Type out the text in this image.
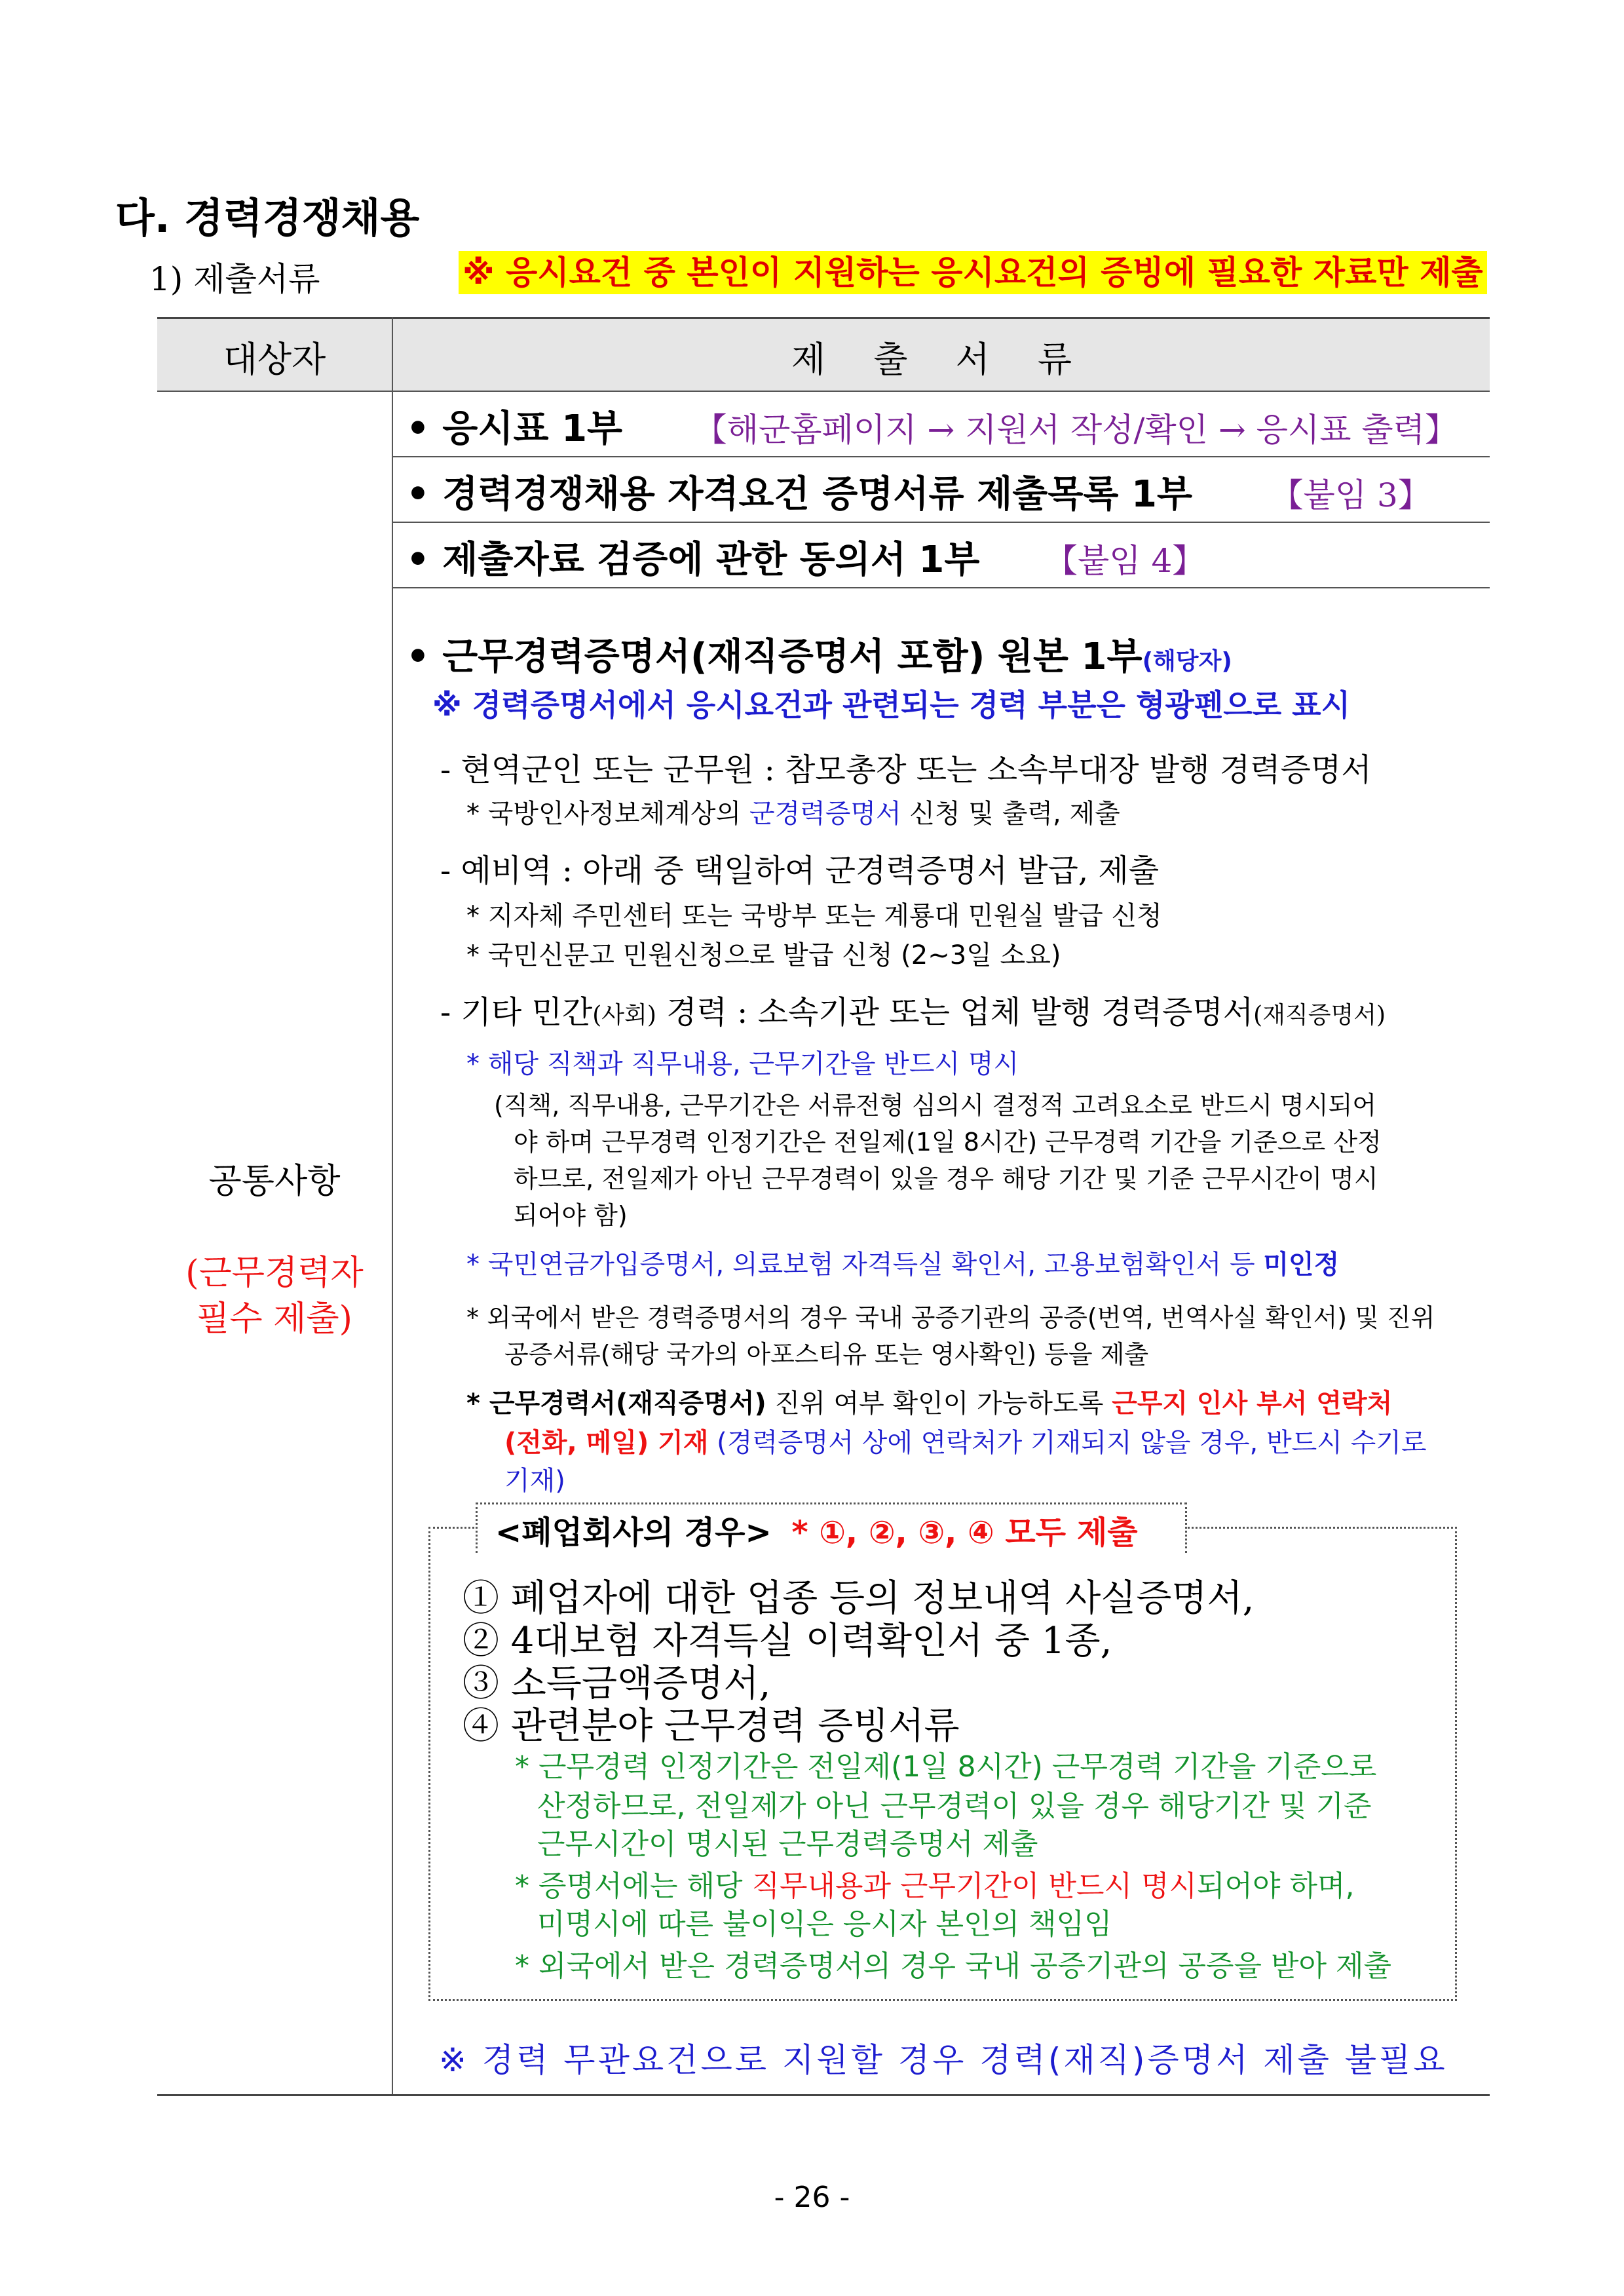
다. 경력경쟁채용
1) 제출서류	※ 응시요건 중 본인이 지원하는 응시요건의 증빙에 필요한 자료만 제출
대상자	제 출 서 류
• 응시표 1부 【해군홈페이지 → 지원서 작성/확인 → 응시표 출력】
• 경력경쟁채용 자격요건 증명서류 제출목록 1부 【붙임 3】
• 제출자료 검증에 관한 동의서 1부 【붙임 4】
공통사항
(근무경력자
필수 제출)
• 근무경력증명서(재직증명서 포함) 원본 1부(해당자)
※ 경력증명서에서 응시요건과 관련되는 경력 부분은 형광펜으로 표시
- 현역군인 또는 군무원 : 참모총장 또는 소속부대장 발행 경력증명서
* 국방인사정보체계상의 군경력증명서 신청 및 출력, 제출
- 예비역 : 아래 중 택일하여 군경력증명서 발급, 제출
* 지자체 주민센터 또는 국방부 또는 계룡대 민원실 발급 신청
* 국민신문고 민원신청으로 발급 신청 (2~3일 소요)
- 기타 민간(사회) 경력 : 소속기관 또는 업체 발행 경력증명서(재직증명서)
* 해당 직책과 직무내용, 근무기간을 반드시 명시
(직책, 직무내용, 근무기간은 서류전형 심의시 결정적 고려요소로 반드시 명시되어
야 하며 근무경력 인정기간은 전일제(1일 8시간) 근무경력 기간을 기준으로 산정
하므로, 전일제가 아닌 근무경력이 있을 경우 해당 기간 및 기준 근무시간이 명시
되어야 함)
* 국민연금가입증명서, 의료보험 자격득실 확인서, 고용보험확인서 등 미인정
* 외국에서 받은 경력증명서의 경우 국내 공증기관의 공증(번역, 번역사실 확인서) 및 진위
공증서류(해당 국가의 아포스티유 또는 영사확인) 등을 제출
* 근무경력서(재직증명서) 진위 여부 확인이 가능하도록 근무지 인사 부서 연락처
(전화, 메일) 기재 (경력증명서 상에 연락처가 기재되지 않을 경우, 반드시 수기로
기재)
<폐업회사의 경우> * ①, ②, ③, ④ 모두 제출
① 폐업자에 대한 업종 등의 정보내역 사실증명서,
② 4대보험 자격득실 이력확인서 중 1종,
③ 소득금액증명서,
④ 관련분야 근무경력 증빙서류
* 근무경력 인정기간은 전일제(1일 8시간) 근무경력 기간을 기준으로
산정하므로, 전일제가 아닌 근무경력이 있을 경우 해당기간 및 기준
근무시간이 명시된 근무경력증명서 제출
* 증명서에는 해당 직무내용과 근무기간이 반드시 명시되어야 하며,
미명시에 따른 불이익은 응시자 본인의 책임임
* 외국에서 받은 경력증명서의 경우 국내 공증기관의 공증을 받아 제출
※ 경력 무관요건으로 지원할 경우 경력(재직)증명서 제출 불필요
- 26 -
